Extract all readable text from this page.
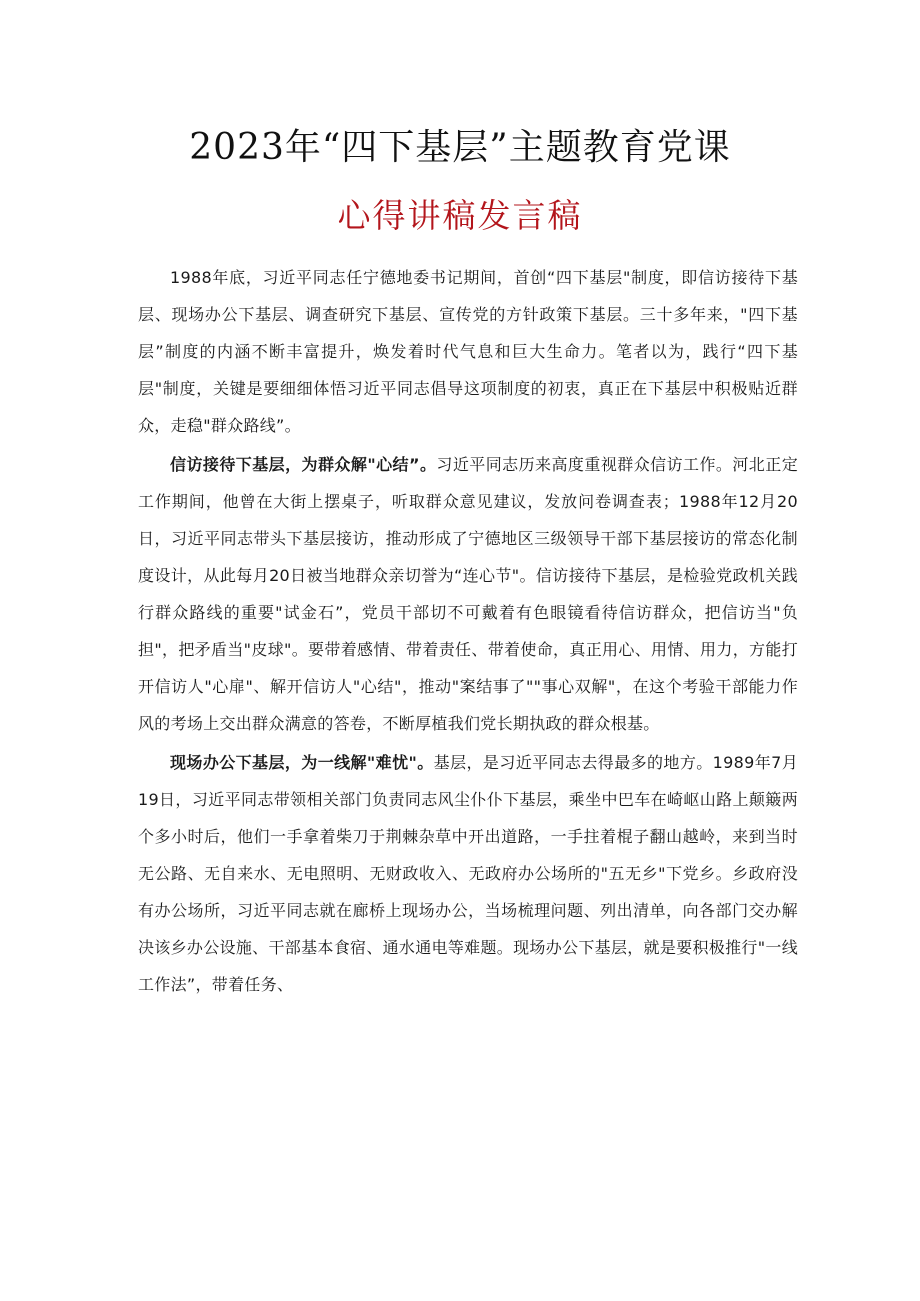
2023年“四下基层”主题教育党课
心得讲稿发言稿

1988年底，习近平同志任宁德地委书记期间，首创“四下基层"制度，即信访接待下基层、现场办公下基层、调查研究下基层、宣传党的方针政策下基层。三十多年来，"四下基层”制度的内涵不断丰富提升，焕发着时代气息和巨大生命力。笔者以为，践行“四下基层"制度，关键是要细细体悟习近平同志倡导这项制度的初衷，真正在下基层中积极贴近群众，走稳"群众路线”。

信访接待下基层，为群众解"心结”。习近平同志历来高度重视群众信访工作。河北正定工作期间，他曾在大街上摆桌子，听取群众意见建议，发放问卷调查表；1988年12月20日，习近平同志带头下基层接访，推动形成了宁德地区三级领导干部下基层接访的常态化制度设计，从此每月20日被当地群众亲切誉为“连心节"。信访接待下基层，是检验党政机关践行群众路线的重要"试金石”，党员干部切不可戴着有色眼镜看待信访群众，把信访当"负担"，把矛盾当"皮球"。要带着感情、带着责任、带着使命，真正用心、用情、用力，方能打开信访人"心扉"、解开信访人"心结"，推动"案结事了""事心双解"，在这个考验干部能力作风的考场上交出群众满意的答卷，不断厚植我们党长期执政的群众根基。

现场办公下基层，为一线解"难忧"。基层，是习近平同志去得最多的地方。1989年7月19日，习近平同志带领相关部门负责同志风尘仆仆下基层，乘坐中巴车在崎岖山路上颠簸两个多小时后，他们一手拿着柴刀于荆棘杂草中开出道路，一手拄着棍子翻山越岭，来到当时无公路、无自来水、无电照明、无财政收入、无政府办公场所的"五无乡"下党乡。乡政府没有办公场所，习近平同志就在廊桥上现场办公，当场梳理问题、列出清单，向各部门交办解决该乡办公设施、干部基本食宿、通水通电等难题。现场办公下基层，就是要积极推行"一线工作法”，带着任务、
